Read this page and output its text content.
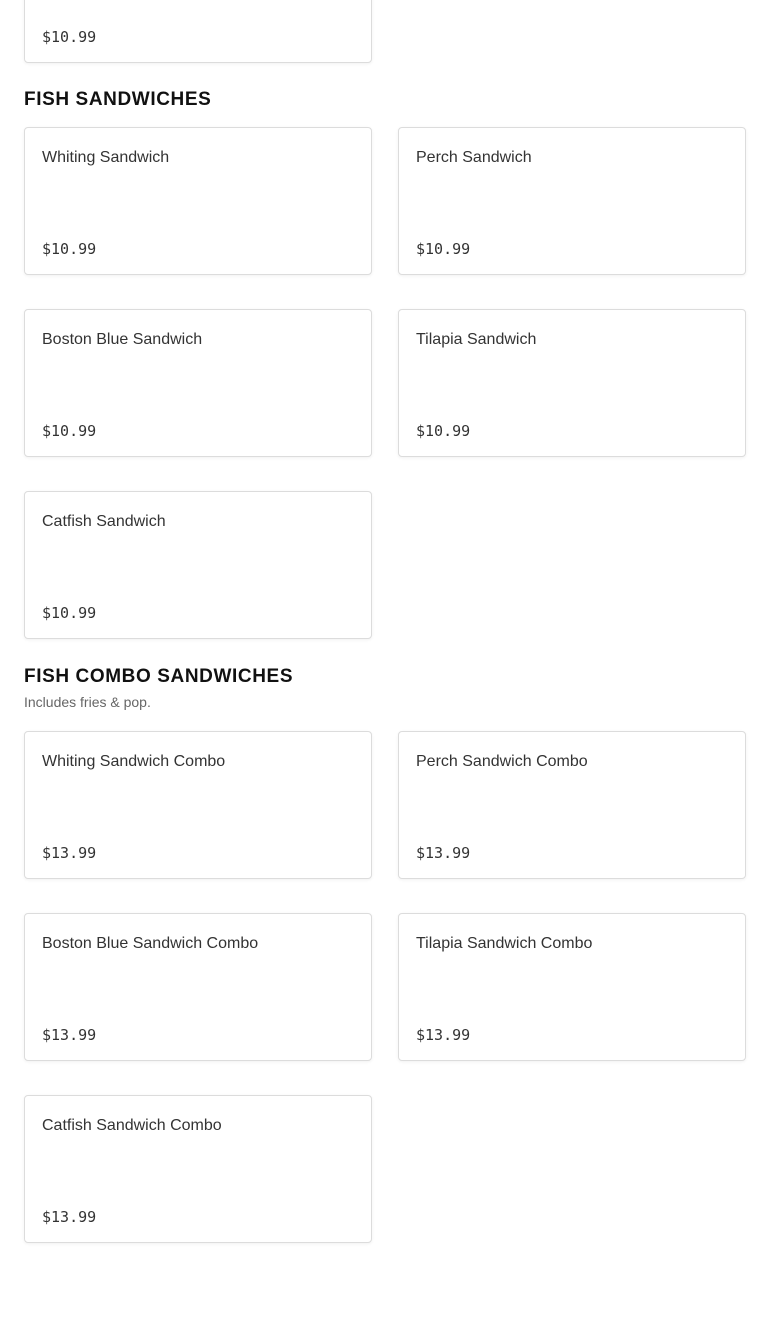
$10.99
FISH SANDWICHES
Whiting Sandwich
$10.99
Perch Sandwich
$10.99
Boston Blue Sandwich
$10.99
Tilapia Sandwich
$10.99
Catfish Sandwich
$10.99
FISH COMBO SANDWICHES
Includes fries & pop.
Whiting Sandwich Combo
$13.99
Perch Sandwich Combo
$13.99
Boston Blue Sandwich Combo
$13.99
Tilapia Sandwich Combo
$13.99
Catfish Sandwich Combo
$13.99
